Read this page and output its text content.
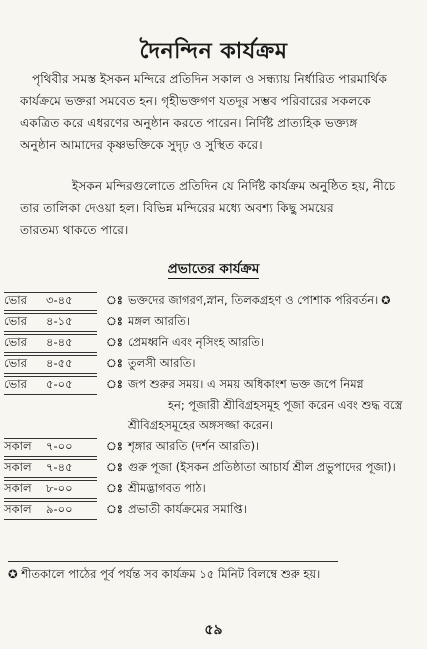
দৈনন্দিন কার্যক্রম
পৃথিবীর সমস্ত ইসকন মন্দিরে প্রতিদিন সকাল ও সন্ধ্যায় নির্ধারিত পারমার্থিক
কার্যক্রমে ভক্তরা সমবেত হন। গৃহীভক্তগণ যতদূর সম্ভব পরিবারের সকলকে
একত্রিত করে এধরণের অনুষ্ঠান করতে পারেন। নির্দিষ্ট প্রাত্যহিক ভক্ত্যঙ্গ
অনুষ্ঠান আমাদের কৃষ্ণভক্তিকে সুদৃঢ় ও সুস্থিত করে।
ইসকন মন্দিরগুলোতে প্রতিদিন যে নির্দিষ্ট কার্যক্রম অনুষ্ঠিত হয়, নীচে
তার তালিকা দেওয়া হল। বিভিন্ন মন্দিরের মধ্যে অবশ্য কিছু সময়ের
তারতম্য থাকতে পারে।
প্রভাতের কার্যক্রম
ভোর ৩-৪৫	ঃ ভক্তদের জাগরণ,স্নান, তিলকগ্রহণ ও পোশাক পরিবর্তন। ✪
ভোর ৪-১৫	ঃ মঙ্গল আরতি।
ভোর ৪-৪৫	ঃ প্রেমধ্বনি এবং নৃসিংহ আরতি।
ভোর ৪-৫৫	ঃ তুলসী আরতি।
ভোর ৫-০৫	ঃ জপ শুরুর সময়। এ সময় অধিকাংশ ভক্ত জপে নিমগ্ন
হন; পূজারী শ্রীবিগ্রহসমূহ পূজা করেন এবং শুদ্ধ বস্ত্রে
শ্রীবিগ্রহসমূহের অঙ্গসজ্জা করেন।
সকাল ৭-০০	ঃ শৃঙ্গার আরতি (দর্শন আরতি)।
সকাল ৭-৪৫	ঃ গুরু পূজা (ইসকন প্রতিষ্ঠাতা আচার্য শ্রীল প্রভুপাদের পূজা)।
সকাল ৮-০০	ঃ শ্রীমদ্ভাগবত পাঠ।
সকাল ৯-০০	ঃ প্রভাতী কার্যক্রমের সমাপ্তি।
✪ শীতকালে পাঠের পূর্ব পর্যন্ত সব কার্যক্রম ১৫ মিনিট বিলম্বে শুরু হয়।
৫৯
